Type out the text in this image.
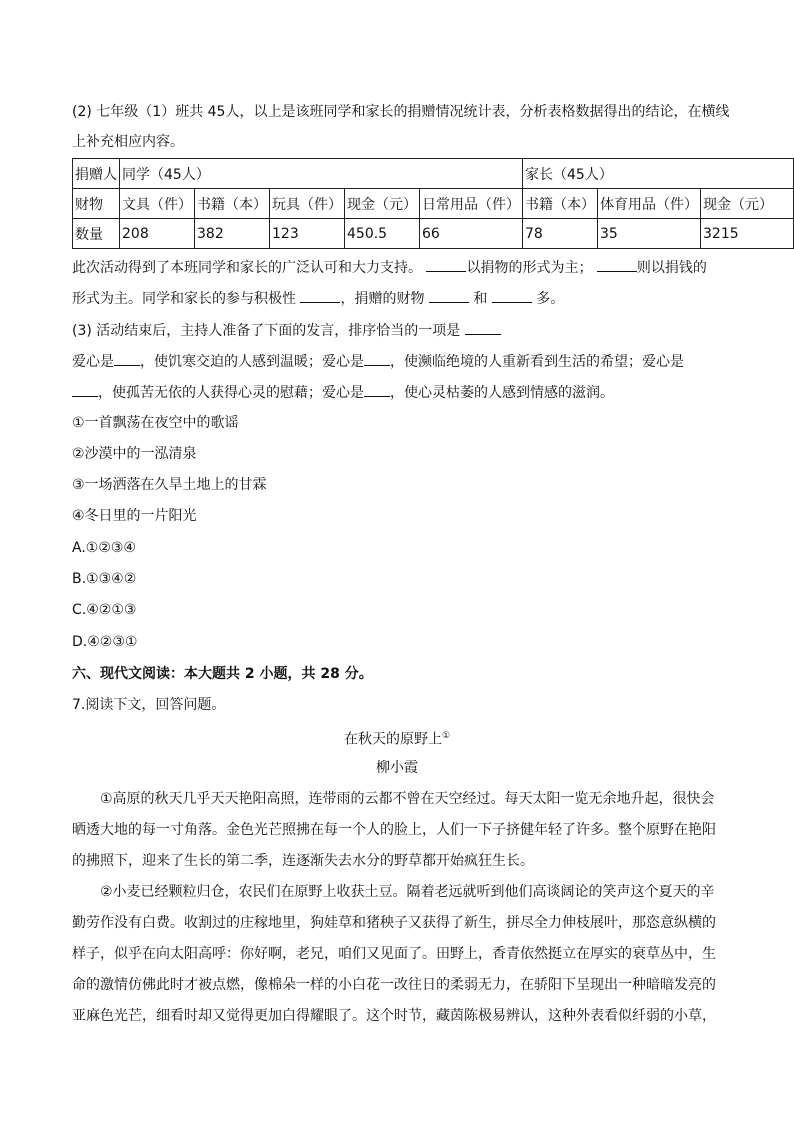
(2) 七年级（1）班共 45人，以上是该班同学和家长的捐赠情况统计表，分析表格数据得出的结论，在横线
上补充相应内容。
捐赠人	同学（45人）					家长（45人）		
财物	文具（件）	书籍（本）	玩具（件）	现金（元）	日常用品（件）	书籍（本）	体育用品（件）	现金（元）
数量	208	382	123	450.5	66	78	35	3215
此次活动得到了本班同学和家长的广泛认可和大力支持。	以捐物的形式为主；	则以捐钱的
形式为主。同学和家长的参与积极性	，捐赠的财物	和	多。
(3) 活动结束后，主持人准备了下面的发言，排序恰当的一项是
爱心是 ，使饥寒交迫的人感到温暖；爱心是 ，使濒临绝境的人重新看到生活的希望；爱心是
，使孤苦无依的人获得心灵的慰藉；爱心是 ，使心灵枯萎的人感到情感的滋润。
①一首飘荡在夜空中的歌谣
②沙漠中的一泓清泉
③一场洒落在久旱土地上的甘霖
④冬日里的一片阳光
A.①②③④
B.①③④②
C.④②①③
D.④②③①
六、现代文阅读：本大题共 2 小题，共 28 分。
7.阅读下文，回答问题。
在秋天的原野上①
柳小霞
①高原的秋天几乎天天艳阳高照，连带雨的云都不曾在天空经过。每天太阳一览无余地升起，很快会
晒透大地的每一寸角落。金色光芒照拂在每一个人的脸上，人们一下子挤健年轻了许多。整个原野在艳阳
的拂照下，迎来了生长的第二季，连逐渐失去水分的野草都开始疯狂生长。
②小麦已经颗粒归仓，农民们在原野上收获土豆。隔着老远就听到他们高谈阔论的笑声这个夏天的辛
勤劳作没有白费。收割过的庄稼地里，狗娃草和猪秧子又获得了新生，拼尽全力伸枝展叶，那恣意纵横的
样子，似乎在向太阳高呼：你好啊，老兄，咱们又见面了。田野上，香青依然挺立在厚实的衰草丛中，生
命的激情仿佛此时才被点燃，像棉朵一样的小白花一改往日的柔弱无力，在骄阳下呈现出一种暗暗发亮的
亚麻色光芒，细看时却又觉得更加白得耀眼了。这个时节，藏茵陈极易辨认，这种外表看似纤弱的小草，
